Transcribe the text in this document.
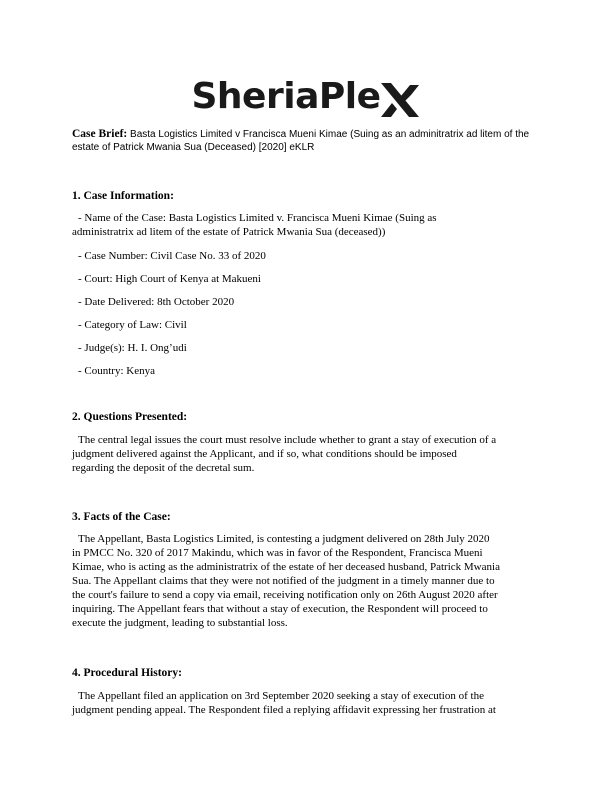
SheriaPle
Case Brief: Basta Logistics Limited v Francisca Mueni Kimae (Suing as an adminitratrix ad litem of the estate of Patrick Mwania Sua (Deceased) [2020] eKLR
1. Case Information:
- Name of the Case: Basta Logistics Limited v. Francisca Mueni Kimae (Suing as
administratrix ad litem of the estate of Patrick Mwania Sua (deceased))
- Case Number: Civil Case No. 33 of 2020
- Court: High Court of Kenya at Makueni
- Date Delivered: 8th October 2020
- Category of Law: Civil
- Judge(s): H. I. Ong’udi
- Country: Kenya
2. Questions Presented:
The central legal issues the court must resolve include whether to grant a stay of execution of a
judgment delivered against the Applicant, and if so, what conditions should be imposed
regarding the deposit of the decretal sum.
3. Facts of the Case:
The Appellant, Basta Logistics Limited, is contesting a judgment delivered on 28th July 2020
in PMCC No. 320 of 2017 Makindu, which was in favor of the Respondent, Francisca Mueni
Kimae, who is acting as the administratrix of the estate of her deceased husband, Patrick Mwania
Sua. The Appellant claims that they were not notified of the judgment in a timely manner due to
the court's failure to send a copy via email, receiving notification only on 26th August 2020 after
inquiring. The Appellant fears that without a stay of execution, the Respondent will proceed to
execute the judgment, leading to substantial loss.
4. Procedural History:
The Appellant filed an application on 3rd September 2020 seeking a stay of execution of the
judgment pending appeal. The Respondent filed a replying affidavit expressing her frustration at
